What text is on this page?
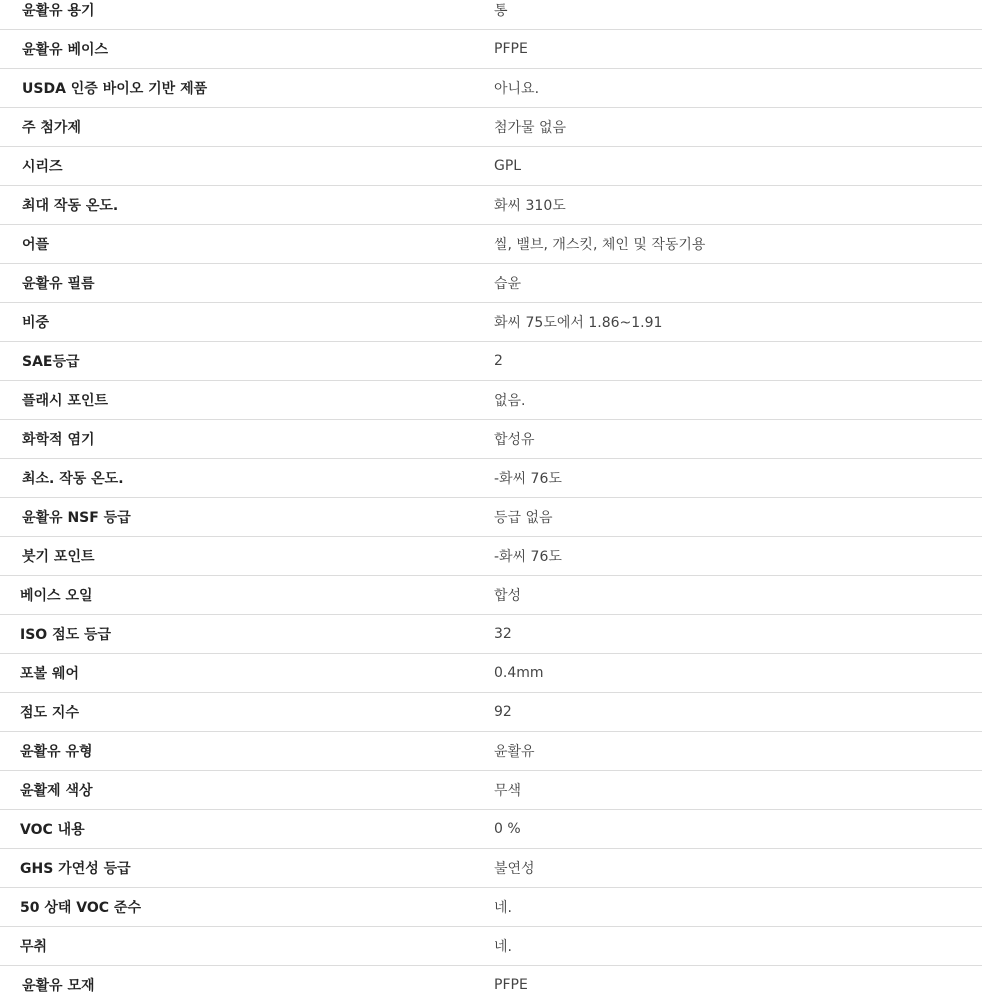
윤활유 용기	통
윤활유 베이스	PFPE
USDA 인증 바이오 기반 제품	아니요.
주 첨가제	첨가물 없음
시리즈	GPL
최대 작동 온도.	화씨 310도
어플	씰, 밸브, 개스킷, 체인 및 작동기용
윤활유 필름	습윤
비중	화씨 75도에서 1.86~1.91
SAE등급	2
플래시 포인트	없음.
화학적 염기	합성유
최소. 작동 온도.	-화씨 76도
윤활유 NSF 등급	등급 없음
붓기 포인트	-화씨 76도
베이스 오일	합성
ISO 점도 등급	32
포볼 웨어	0.4mm
점도 지수	92
윤활유 유형	윤활유
윤활제 색상	무색
VOC 내용	0 %
GHS 가연성 등급	불연성
50 상태 VOC 준수	네.
무취	네.
윤활유 모재	PFPE
